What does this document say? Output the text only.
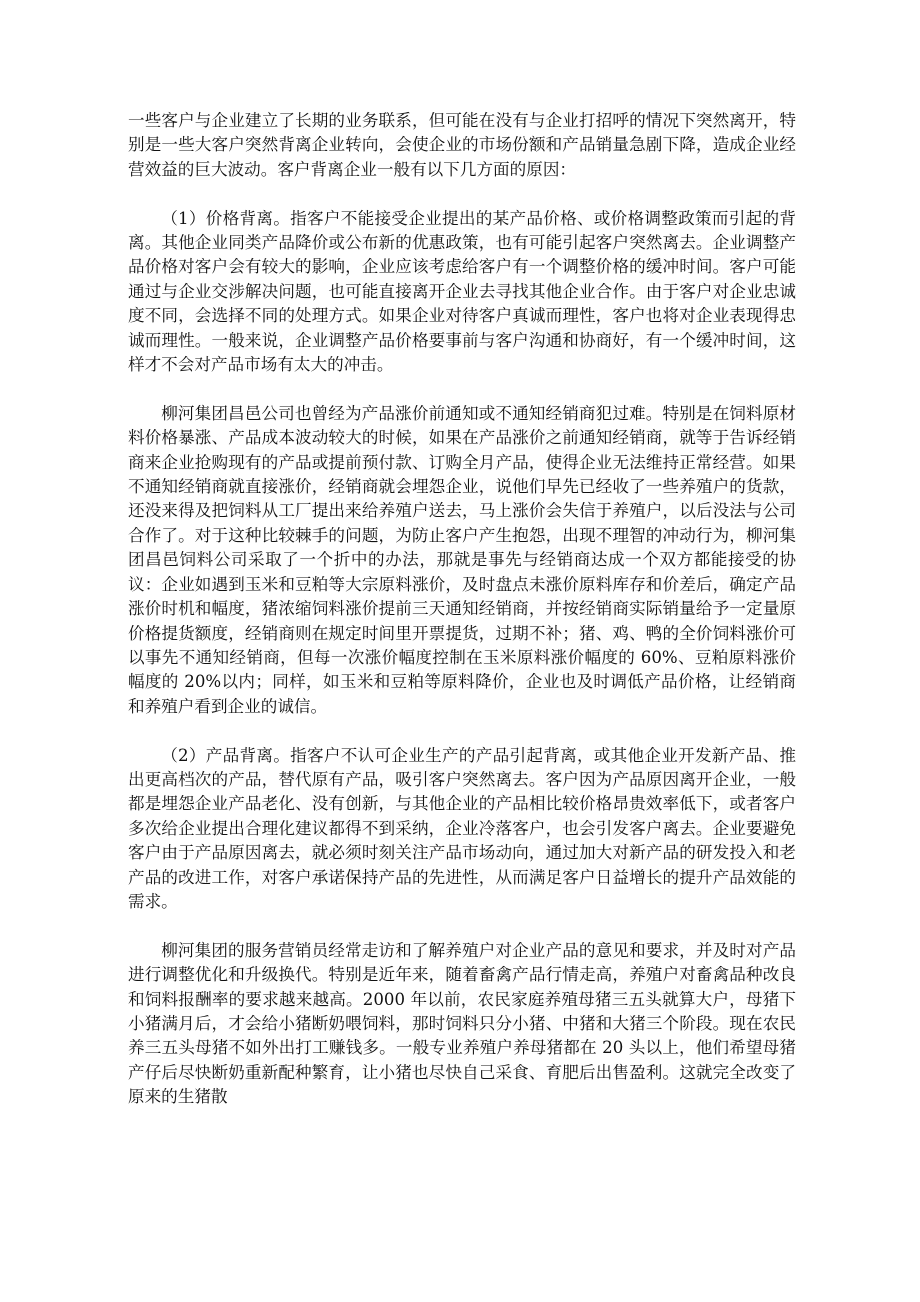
一些客户与企业建立了长期的业务联系，但可能在没有与企业打招呼的情况下突然离开，特别是一些大客户突然背离企业转向，会使企业的市场份额和产品销量急剧下降，造成企业经营效益的巨大波动。客户背离企业一般有以下几方面的原因：

（1）价格背离。指客户不能接受企业提出的某产品价格、或价格调整政策而引起的背离。其他企业同类产品降价或公布新的优惠政策，也有可能引起客户突然离去。企业调整产品价格对客户会有较大的影响，企业应该考虑给客户有一个调整价格的缓冲时间。客户可能通过与企业交涉解决问题，也可能直接离开企业去寻找其他企业合作。由于客户对企业忠诚度不同，会选择不同的处理方式。如果企业对待客户真诚而理性，客户也将对企业表现得忠诚而理性。一般来说，企业调整产品价格要事前与客户沟通和协商好，有一个缓冲时间，这样才不会对产品市场有太大的冲击。

柳河集团昌邑公司也曾经为产品涨价前通知或不通知经销商犯过难。特别是在饲料原材料价格暴涨、产品成本波动较大的时候，如果在产品涨价之前通知经销商，就等于告诉经销商来企业抢购现有的产品或提前预付款、订购全月产品，使得企业无法维持正常经营。如果不通知经销商就直接涨价，经销商就会埋怨企业，说他们早先已经收了一些养殖户的货款，还没来得及把饲料从工厂提出来给养殖户送去，马上涨价会失信于养殖户，以后没法与公司合作了。对于这种比较棘手的问题，为防止客户产生抱怨，出现不理智的冲动行为，柳河集团昌邑饲料公司采取了一个折中的办法，那就是事先与经销商达成一个双方都能接受的协议：企业如遇到玉米和豆粕等大宗原料涨价，及时盘点未涨价原料库存和价差后，确定产品涨价时机和幅度，猪浓缩饲料涨价提前三天通知经销商，并按经销商实际销量给予一定量原价格提货额度，经销商则在规定时间里开票提货，过期不补；猪、鸡、鸭的全价饲料涨价可以事先不通知经销商，但每一次涨价幅度控制在玉米原料涨价幅度的 60%、豆粕原料涨价幅度的 20%以内；同样，如玉米和豆粕等原料降价，企业也及时调低产品价格，让经销商和养殖户看到企业的诚信。

（2）产品背离。指客户不认可企业生产的产品引起背离，或其他企业开发新产品、推出更高档次的产品，替代原有产品，吸引客户突然离去。客户因为产品原因离开企业，一般都是埋怨企业产品老化、没有创新，与其他企业的产品相比较价格昂贵效率低下，或者客户多次给企业提出合理化建议都得不到采纳，企业冷落客户，也会引发客户离去。企业要避免客户由于产品原因离去，就必须时刻关注产品市场动向，通过加大对新产品的研发投入和老产品的改进工作，对客户承诺保持产品的先进性，从而满足客户日益增长的提升产品效能的需求。

柳河集团的服务营销员经常走访和了解养殖户对企业产品的意见和要求，并及时对产品进行调整优化和升级换代。特别是近年来，随着畜禽产品行情走高，养殖户对畜禽品种改良和饲料报酬率的要求越来越高。2000 年以前，农民家庭养殖母猪三五头就算大户，母猪下小猪满月后，才会给小猪断奶喂饲料，那时饲料只分小猪、中猪和大猪三个阶段。现在农民养三五头母猪不如外出打工赚钱多。一般专业养殖户养母猪都在 20 头以上，他们希望母猪产仔后尽快断奶重新配种繁育，让小猪也尽快自己采食、育肥后出售盈利。这就完全改变了原来的生猪散
